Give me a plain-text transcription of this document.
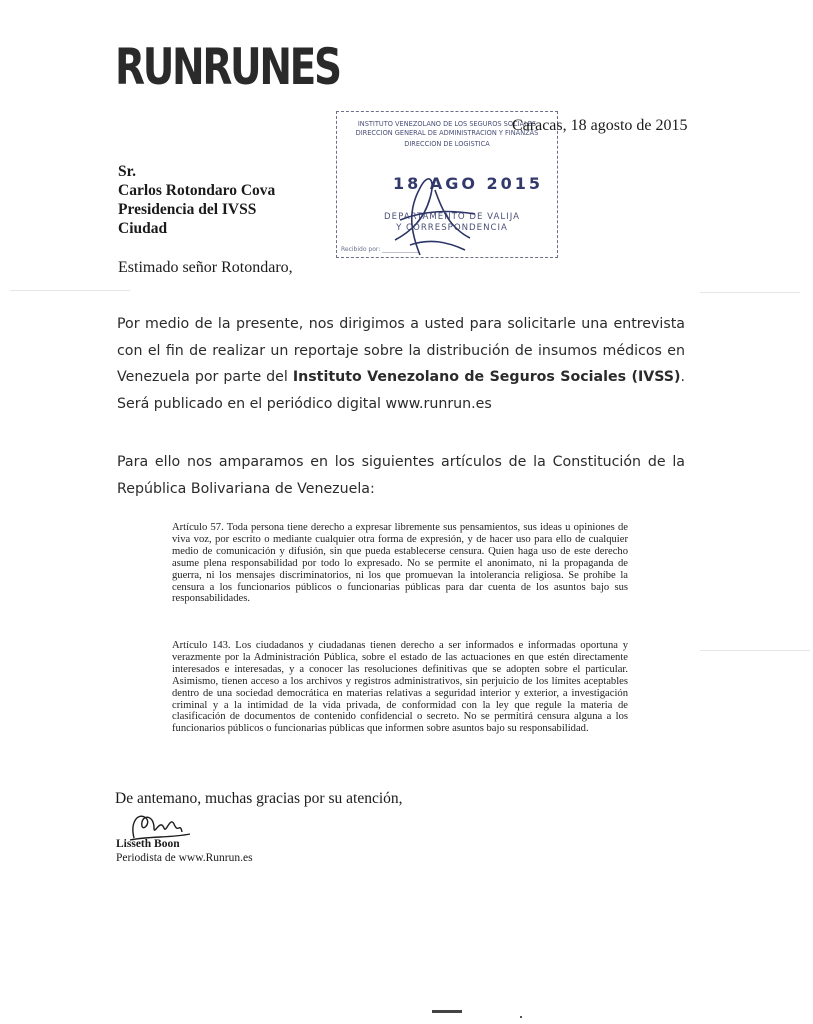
RUNRUNES
INSTITUTO VENEZOLANO DE LOS SEGUROS SOCIALES
DIRECCIÓN GENERAL DE ADMINISTRACIÓN Y FINANZAS
DIRECCIÓN DE LOGÍSTICA
18 AGO 2015
DEPARTAMENTO DE VALIJA
Y CORRESPONDENCIA
Recibido por: ____________
Caracas, 18 agosto de 2015
Sr.
Carlos Rotondaro Cova
Presidencia del IVSS
Ciudad
Estimado señor Rotondaro,
Por medio de la presente, nos dirigimos a usted para solicitarle una entrevista con el fin de realizar un reportaje sobre la distribución de insumos médicos en Venezuela por parte del Instituto Venezolano de Seguros Sociales (IVSS). Será publicado en el periódico digital www.runrun.es
Para ello nos amparamos en los siguientes artículos de la Constitución de la República Bolivariana de Venezuela:
Artículo 57. Toda persona tiene derecho a expresar libremente sus pensamientos, sus ideas u opiniones de viva voz, por escrito o mediante cualquier otra forma de expresión, y de hacer uso para ello de cualquier medio de comunicación y difusión, sin que pueda establecerse censura. Quien haga uso de este derecho asume plena responsabilidad por todo lo expresado. No se permite el anonimato, ni la propaganda de guerra, ni los mensajes discriminatorios, ni los que promuevan la intolerancia religiosa. Se prohíbe la censura a los funcionarios públicos o funcionarias públicas para dar cuenta de los asuntos bajo sus responsabilidades.
Artículo 143. Los ciudadanos y ciudadanas tienen derecho a ser informados e informadas oportuna y verazmente por la Administración Pública, sobre el estado de las actuaciones en que estén directamente interesados e interesadas, y a conocer las resoluciones definitivas que se adopten sobre el particular. Asimismo, tienen acceso a los archivos y registros administrativos, sin perjuicio de los límites aceptables dentro de una sociedad democrática en materias relativas a seguridad interior y exterior, a investigación criminal y a la intimidad de la vida privada, de conformidad con la ley que regule la materia de clasificación de documentos de contenido confidencial o secreto. No se permitirá censura alguna a los funcionarios públicos o funcionarias públicas que informen sobre asuntos bajo su responsabilidad.
De antemano, muchas gracias por su atención,
Lisseth Boon
Periodista de www.Runrun.es
